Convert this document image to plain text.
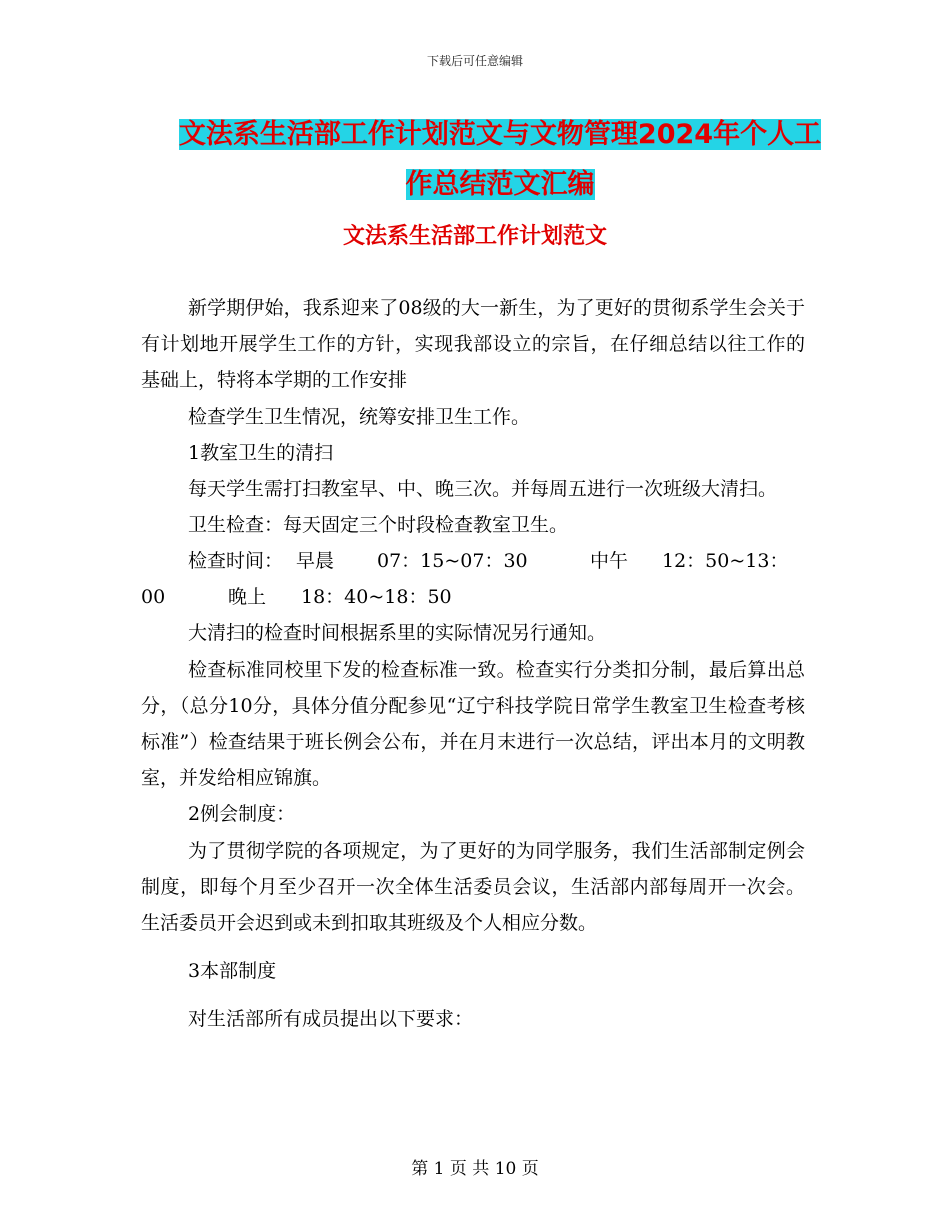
下载后可任意编辑
文法系生活部工作计划范文与文物管理2024年个人工
作总结范文汇编
文法系生活部工作计划范文

新学期伊始，我系迎来了08级的大一新生，为了更好的贯彻系学生会关于有计划地开展学生工作的方针，实现我部设立的宗旨，在仔细总结以往工作的基础上，特将本学期的工作安排

检查学生卫生情况，统筹安排卫生工作。

1教室卫生的清扫

每天学生需打扫教室早、中、晚三次。并每周五进行一次班级大清扫。

卫生检查：每天固定三个时段检查教室卫生。

检查时间： 早晨 07：15~07：30	中午 12：50~13：
00	晚上 18：40~18：50

大清扫的检查时间根据系里的实际情况另行通知。

检查标准同校里下发的检查标准一致。检查实行分类扣分制，最后算出总分，（总分10分，具体分值分配参见“辽宁科技学院日常学生教室卫生检查考核标准”）检查结果于班长例会公布，并在月末进行一次总结，评出本月的文明教室，并发给相应锦旗。

2例会制度：

为了贯彻学院的各项规定，为了更好的为同学服务，我们生活部制定例会制度，即每个月至少召开一次全体生活委员会议，生活部内部每周开一次会。生活委员开会迟到或未到扣取其班级及个人相应分数。

3本部制度

对生活部所有成员提出以下要求：

第 1 页 共 10 页
